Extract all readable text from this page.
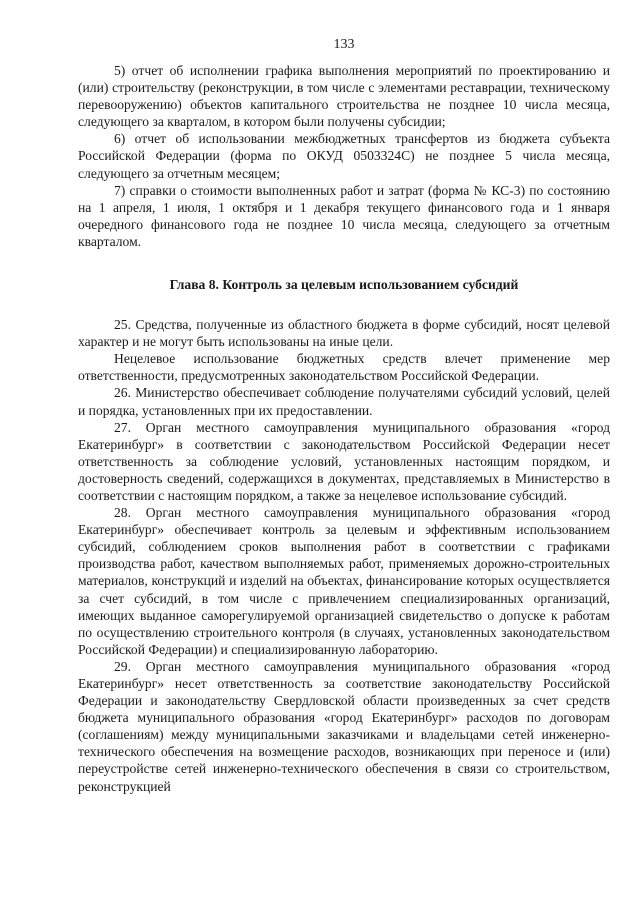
133

5) отчет об исполнении графика выполнения мероприятий по проектированию и (или) строительству (реконструкции, в том числе с элементами реставрации, техническому перевооружению) объектов капитального строительства не позднее 10 числа месяца, следующего за кварталом, в котором были получены субсидии;

6) отчет об использовании межбюджетных трансфертов из бюджета субъекта Российской Федерации (форма по ОКУД 0503324С) не позднее 5 числа месяца, следующего за отчетным месяцем;

7) справки о стоимости выполненных работ и затрат (форма № КС-3) по состоянию на 1 апреля, 1 июля, 1 октября и 1 декабря текущего финансового года и 1 января очередного финансового года не позднее 10 числа месяца, следующего за отчетным кварталом.

Глава 8. Контроль за целевым использованием субсидий

25. Средства, полученные из областного бюджета в форме субсидий, носят целевой характер и не могут быть использованы на иные цели.

Нецелевое использование бюджетных средств влечет применение мер ответственности, предусмотренных законодательством Российской Федерации.

26. Министерство обеспечивает соблюдение получателями субсидий условий, целей и порядка, установленных при их предоставлении.

27. Орган местного самоуправления муниципального образования «город Екатеринбург» в соответствии с законодательством Российской Федерации несет ответственность за соблюдение условий, установленных настоящим порядком, и достоверность сведений, содержащихся в документах, представляемых в Министерство в соответствии с настоящим порядком, а также за нецелевое использование субсидий.

28. Орган местного самоуправления муниципального образования «город Екатеринбург» обеспечивает контроль за целевым и эффективным использованием субсидий, соблюдением сроков выполнения работ в соответствии с графиками производства работ, качеством выполняемых работ, применяемых дорожно-строительных материалов, конструкций и изделий на объектах, финансирование которых осуществляется за счет субсидий, в том числе с привлечением специализированных организаций, имеющих выданное саморегулируемой организацией свидетельство о допуске к работам по осуществлению строительного контроля (в случаях, установленных законодательством Российской Федерации) и специализированную лабораторию.

29. Орган местного самоуправления муниципального образования «город Екатеринбург» несет ответственность за соответствие законодательству Российской Федерации и законодательству Свердловской области произведенных за счет средств бюджета муниципального образования «город Екатеринбург» расходов по договорам (соглашениям) между муниципальными заказчиками и владельцами сетей инженерно-технического обеспечения на возмещение расходов, возникающих при переносе и (или) переустройстве сетей инженерно-технического обеспечения в связи со строительством, реконструкцией
